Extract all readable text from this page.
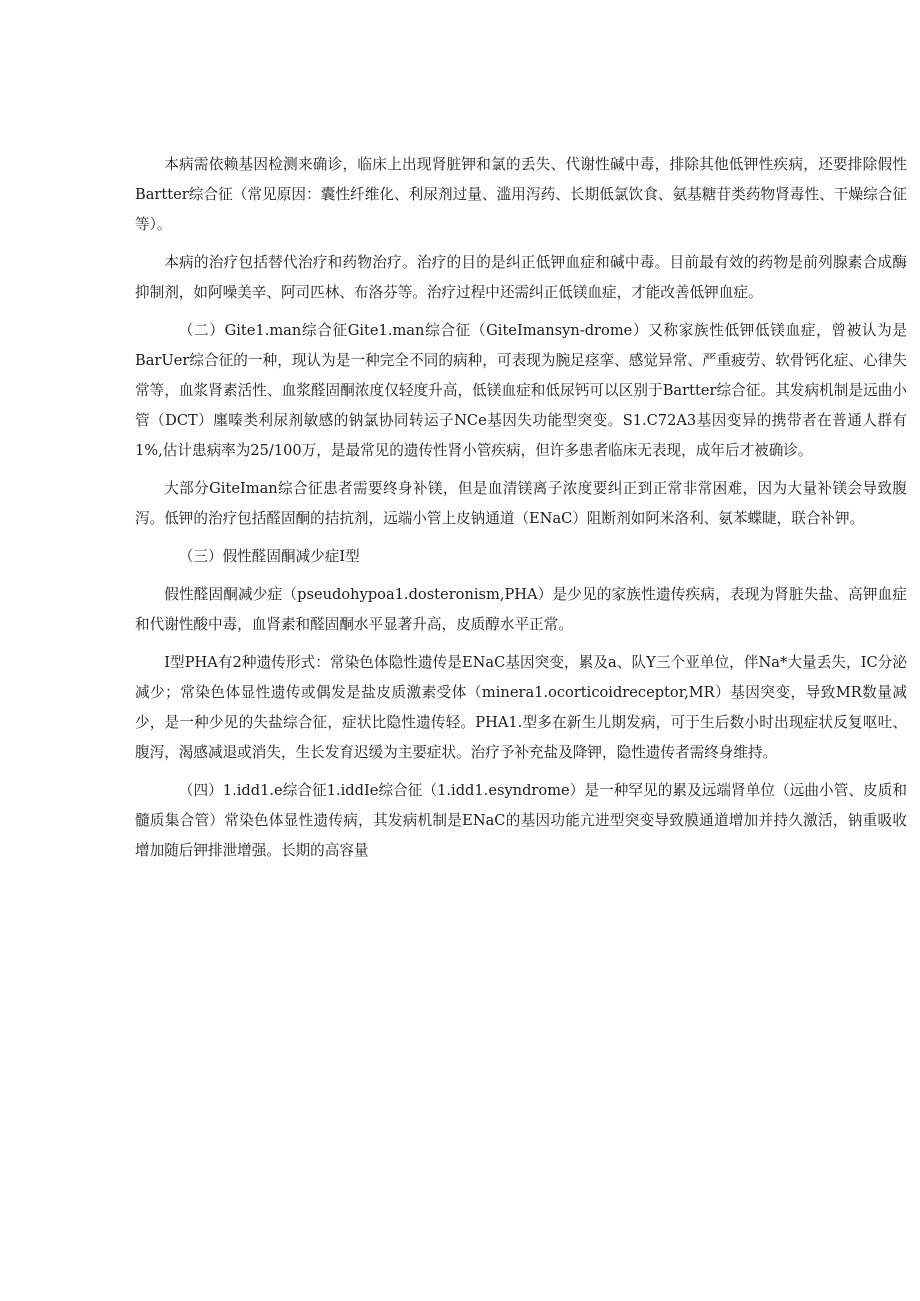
本病需依赖基因检测来确诊，临床上出现肾脏钾和氯的丢失、代谢性碱中毒，排除其他低钾性疾病，还要排除假性Bartter综合征（常见原因：囊性纤维化、利尿剂过量、滥用泻药、长期低氯饮食、氨基糖苷类药物肾毒性、干燥综合征等）。

本病的治疗包括替代治疗和药物治疗。治疗的目的是纠正低钾血症和碱中毒。目前最有效的药物是前列腺素合成酶抑制剂，如阿噪美辛、阿司匹林、布洛芬等。治疗过程中还需纠正低镁血症，才能改善低钾血症。

（二）Gite1.man综合征Gite1.man综合征（GiteImansyn-drome）又称家族性低钾低镁血症，曾被认为是BarUer综合征的一种，现认为是一种完全不同的病种，可表现为腕足痉挛、感觉异常、严重疲劳、软骨钙化症、心律失常等，血浆肾素活性、血浆醛固酮浓度仅轻度升高，低镁血症和低尿钙可以区别于Bartter综合征。其发病机制是远曲小管（DCT）廛嗪类利尿剂敏感的钠氯协同转运子NCe基因失功能型突变。S1.C72A3基因变异的携带者在普通人群有1%,估计患病率为25/100万，是最常见的遗传性肾小管疾病，但许多患者临床无表现，成年后才被确诊。

大部分GiteIman综合征患者需要终身补镁，但是血清镁离子浓度要纠正到正常非常困难，因为大量补镁会导致腹泻。低钾的治疗包括醛固酮的拮抗剂，远端小管上皮钠通道（ENaC）阻断剂如阿米洛利、氨苯蝶睫，联合补钾。

（三）假性醛固酮减少症I型

假性醛固酮减少症（pseudohypoa1.dosteronism,PHA）是少见的家族性遗传疾病，表现为肾脏失盐、高钾血症和代谢性酸中毒，血肾素和醛固酮水平显著升高，皮质醇水平正常。

I型PHA有2种遗传形式：常染色体隐性遗传是ENaC基因突变，累及a、队Y三个亚单位，伴Na*大量丢失，IC分泌减少；常染色体显性遗传或偶发是盐皮质激素受体（minera1.ocorticoidreceptor,MR）基因突变，导致MR数量减少，是一种少见的失盐综合征，症状比隐性遗传轻。PHA1.型多在新生儿期发病，可于生后数小时出现症状反复呕吐、腹泻，渴感减退或消失，生长发育迟缓为主要症状。治疗予补充盐及降钾，隐性遗传者需终身维持。

（四）1.idd1.e综合征1.iddIe综合征（1.idd1.esyndrome）是一种罕见的累及远端肾单位（远曲小管、皮质和髓质集合管）常染色体显性遗传病，其发病机制是ENaC的基因功能亢进型突变导致膜通道增加并持久激活，钠重吸收增加随后钾排泄增强。长期的高容量
